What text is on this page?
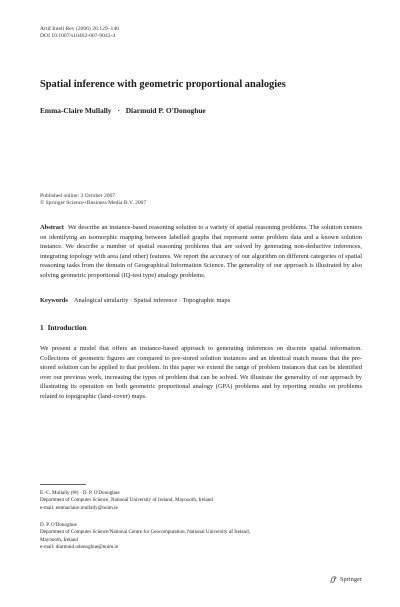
Artif Intell Rev (2006) 26:129–140
DOI 10.1007/s10462-007-9043-4
Spatial inference with geometric proportional analogies
Emma-Claire Mullally · Diarmuid P. O'Donoghue
Published online: 3 October 2007
© Springer Science+Business Media B.V. 2007
Abstract We describe an instance-based reasoning solution to a variety of spatial reasoning problems. The solution centers on identifying an isomorphic mapping between labelled graphs that represent some problem data and a known solution instance. We describe a number of spatial reasoning problems that are solved by generating non-deductive inferences, integrating topology with area (and other) features. We report the accuracy of our algorithm on different categories of spatial reasoning tasks from the domain of Geographical Information Science. The generality of our approach is illustrated by also solving geometric proportional (IQ-test type) analogy problems.
Keywords Analogical similarity · Spatial inference · Topographic maps
1 Introduction
We present a model that offers an instance-based approach to generating inferences on discrete spatial information. Collections of geometric figures are compared to pre-stored solution instances and an identical match means that the pre-stored solution can be applied to that problem. In this paper we extend the range of problem instances that can be identified over our previous work, increasing the types of problem that can be solved. We illustrate the generality of our approach by illustrating its operation on both geometric proportional analogy (GPA) problems and by reporting results on problems related to topographic (land-cover) maps.
E.-C. Mullally (✉) · D. P. O'Donoghue
Department of Computer Science, National University of Ireland, Maynooth, Ireland
e-mail: emmaclaire.mullally@nuim.ie
D. P. O'Donoghue
Department of Computer Science/National Centre for Geocomputation, National University of Ireland,
Maynooth, Ireland
e-mail: diarmuid.odonoghue@nuim.ie
Springer
